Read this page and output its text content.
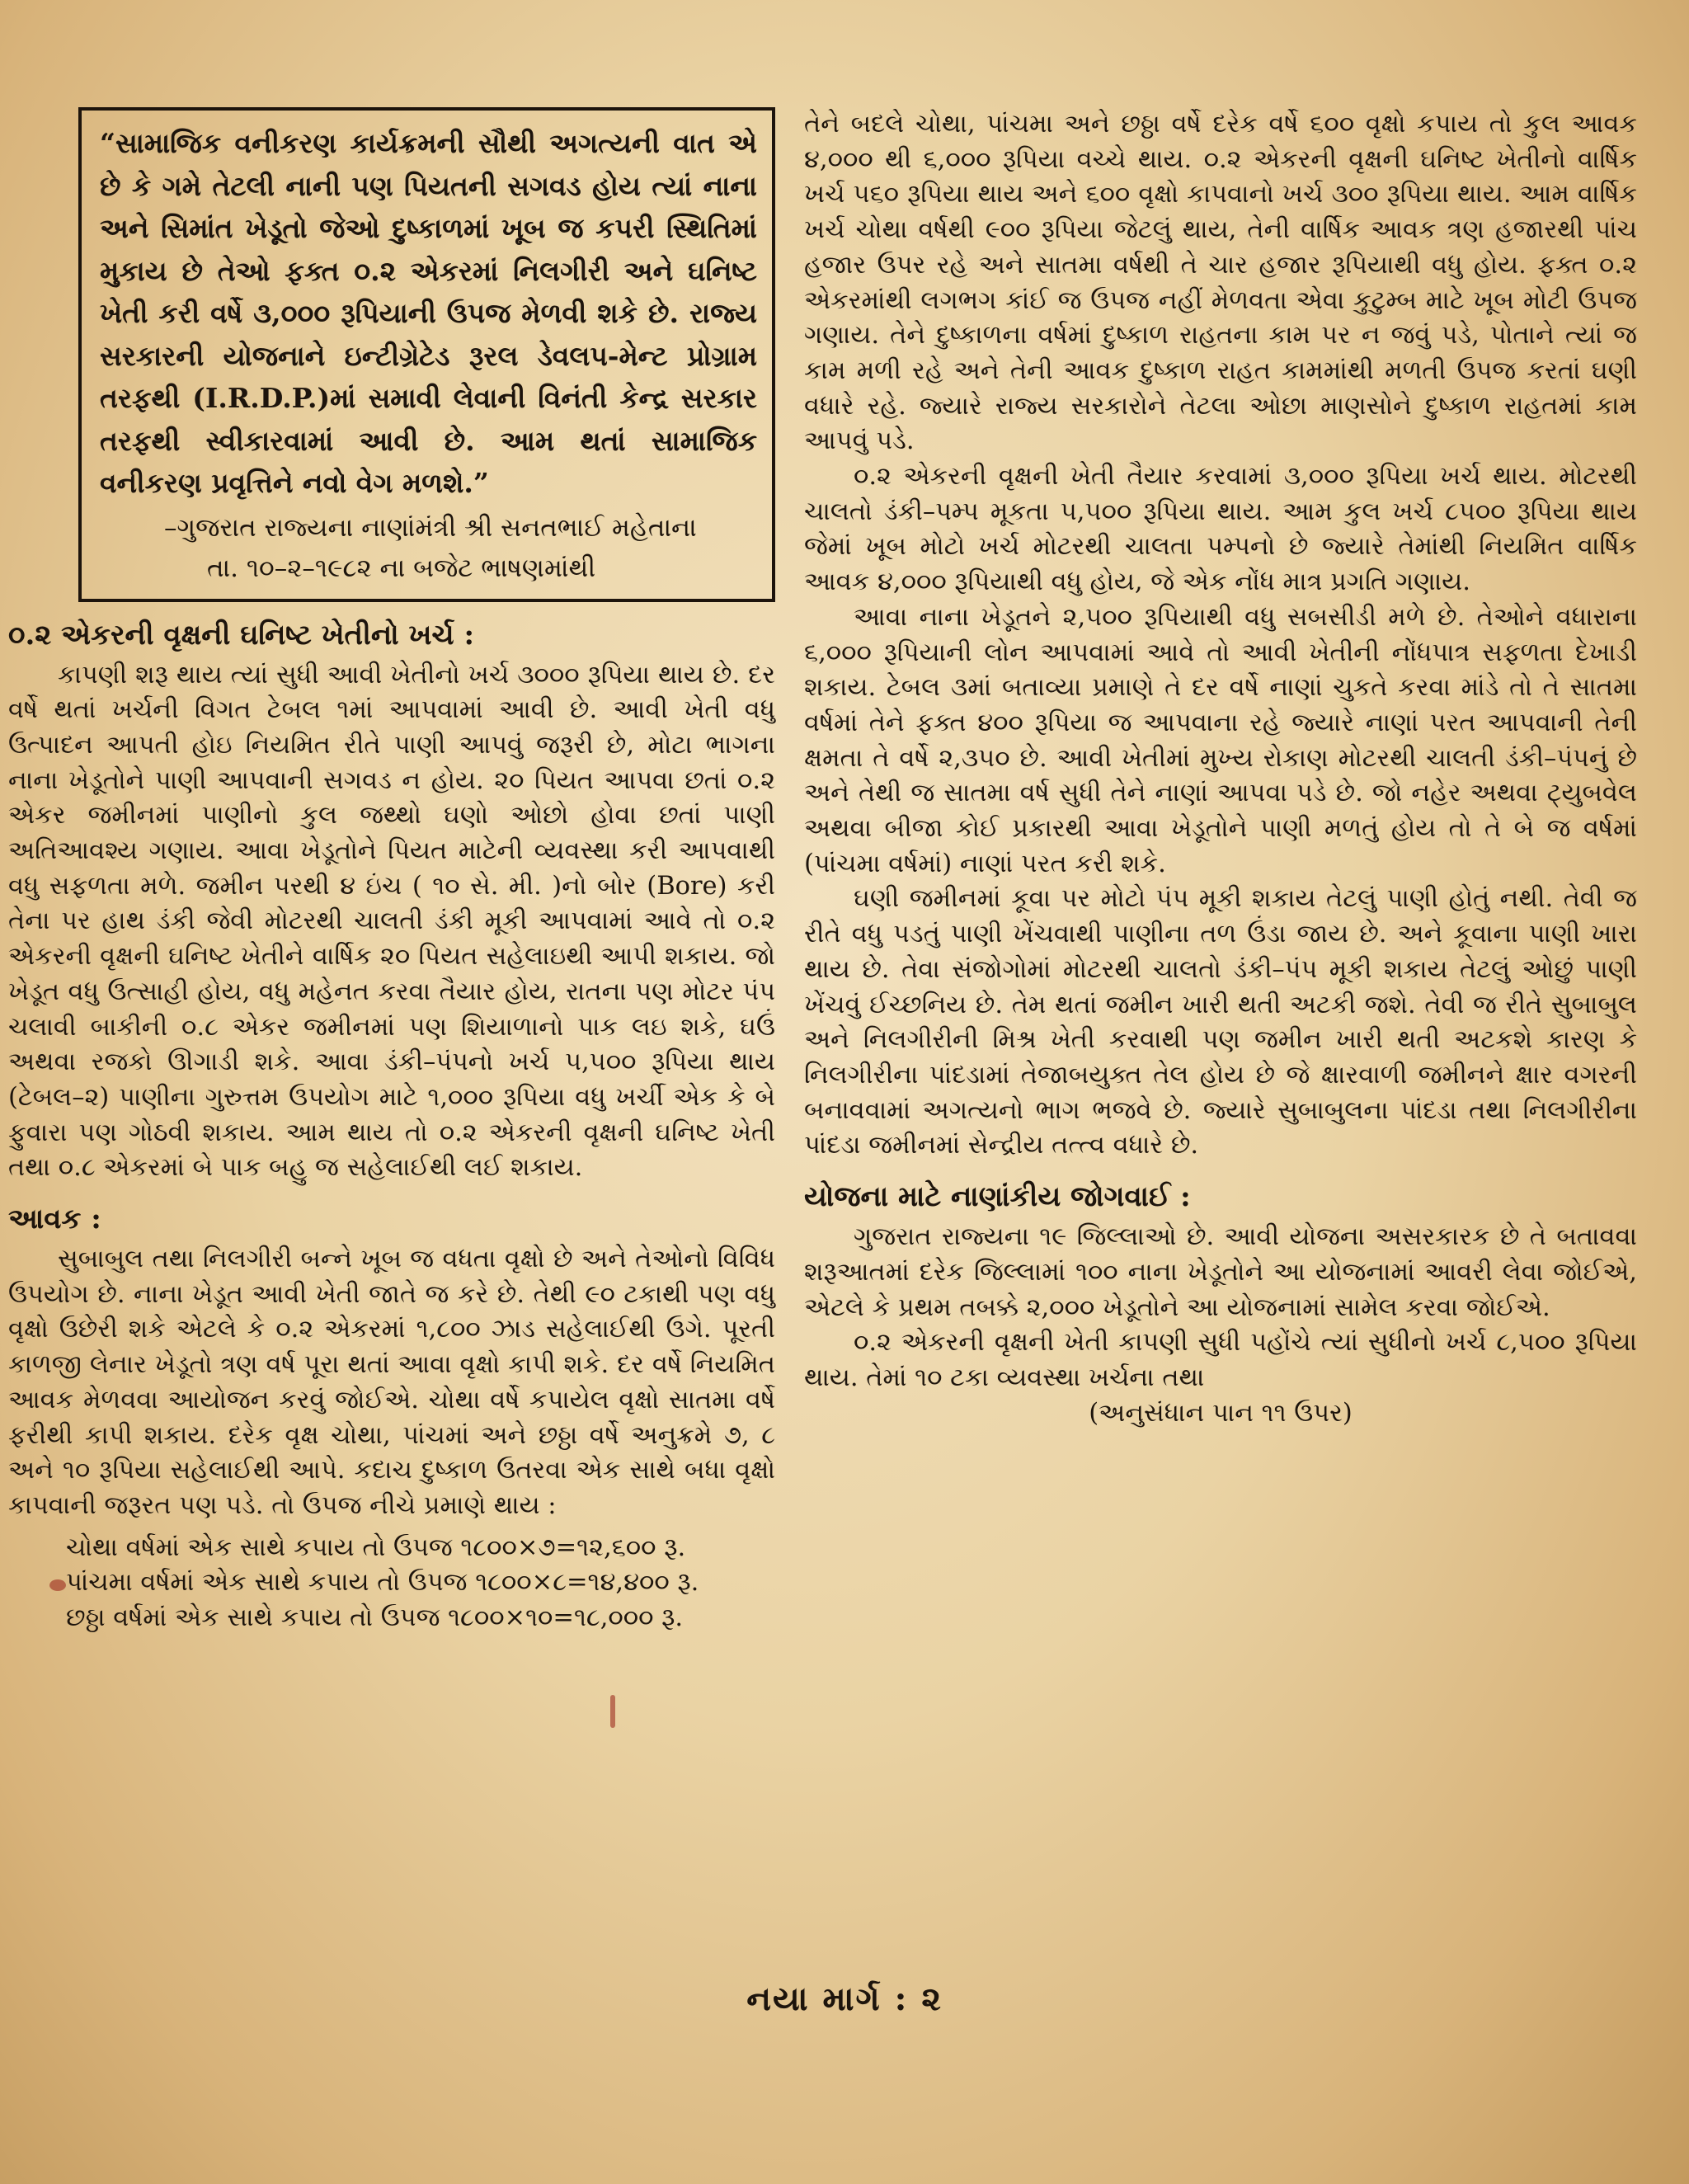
“સામાજિક વનીકરણ કાર્યક્રમની સૌથી અગત્યની વાત એ છે કે ગમે તેટલી નાની પણ પિયતની સગવડ હોય ત્યાં નાના અને સિમાંત ખેડૂતો જેઓ દુષ્કાળમાં ખૂબ જ કપરી સ્થિતિમાં મુકાય છે તેઓ ફક્ત ૦.૨ એકરમાં નિલગીરી અને ઘનિષ્ટ ખેતી કરી વર્ષે ૩,૦૦૦ રૂપિયાની ઉપજ મેળવી શકે છે. રાજ્ય સરકારની યોજનાને ઇન્ટીગ્રેટેડ રૂરલ ડેવલપ-મેન્ટ પ્રોગ્રામ તરફથી (I.R.D.P.)માં સમાવી લેવાની વિનંતી કેન્દ્ર સરકાર તરફથી સ્વીકારવામાં આવી છે. આમ થતાં સામાજિક વનીકરણ પ્રવૃત્તિને નવો વેગ મળશે.”

–ગુજરાત રાજ્યના નાણાંમંત્રી શ્રી સનતભાઈ મહેતાના

તા. ૧૦–૨–૧૯૮૨ ના બજેટ ભાષણમાંથી

૦.૨ એકરની વૃક્ષની ઘનિષ્ટ ખેતીનો ખર્ચ :

કાપણી શરૂ થાય ત્યાં સુધી આવી ખેતીનો ખર્ચ ૩૦૦૦ રૂપિયા થાય છે. દર વર્ષે થતાં ખર્ચની વિગત ટેબલ ૧માં આપવામાં આવી છે. આવી ખેતી વધુ ઉત્પાદન આપતી હોઇ નિયમિત રીતે પાણી આપવું જરૂરી છે, મોટા ભાગના નાના ખેડૂતોને પાણી આપવાની સગવડ ન હોય. ૨૦ પિયત આપવા છતાં ૦.૨ એકર જમીનમાં પાણીનો કુલ જથ્થો ઘણો ઓછો હોવા છતાં પાણી અતિઆવશ્ય ગણાય. આવા ખેડૂતોને પિયત માટેની વ્યવસ્થા કરી આપવાથી વધુ સફળતા મળે. જમીન પરથી ૪ ઇંચ ( ૧૦ સે. મી. )નો બોર (Bore) કરી તેના પર હાથ ડંકી જેવી મોટરથી ચાલતી ડંકી મૂકી આપવામાં આવે તો ૦.૨ એકરની વૃક્ષની ઘનિષ્ટ ખેતીને વાર્ષિક ૨૦ પિયત સહેલાઇથી આપી શકાય. જો ખેડૂત વધુ ઉત્સાહી હોય, વધુ મહેનત કરવા તૈયાર હોય, રાતના પણ મોટર પંપ ચલાવી બાકીની ૦.૮ એકર જમીનમાં પણ શિયાળાનો પાક લઇ શકે, ઘઉં અથવા રજકો ઊગાડી શકે. આવા ડંકી–પંપનો ખર્ચ ૫,૫૦૦ રૂપિયા થાય (ટેબલ–૨) પાણીના ગુરુત્તમ ઉપયોગ માટે ૧,૦૦૦ રૂપિયા વધુ ખર્ચી એક કે બે ફુવારા પણ ગોઠવી શકાય. આમ થાય તો ૦.૨ એકરની વૃક્ષની ઘનિષ્ટ ખેતી તથા ૦.૮ એકરમાં બે પાક બહુ જ સહેલાઈથી લઈ શકાય.

આવક :

સુબાબુલ તથા નિલગીરી બન્ને ખૂબ જ વધતા વૃક્ષો છે અને તેઓનો વિવિધ ઉપયોગ છે. નાના ખેડૂત આવી ખેતી જાતે જ કરે છે. તેથી ૯૦ ટકાથી પણ વધુ વૃક્ષો ઉછેરી શકે એટલે કે ૦.૨ એકરમાં ૧,૮૦૦ ઝાડ સહેલાઈથી ઉગે. પૂરતી કાળજી લેનાર ખેડૂતો ત્રણ વર્ષ પૂરા થતાં આવા વૃક્ષો કાપી શકે. દર વર્ષે નિયમિત આવક મેળવવા આયોજન કરવું જોઈએ. ચોથા વર્ષે કપાયેલ વૃક્ષો સાતમા વર્ષે ફરીથી કાપી શકાય. દરેક વૃક્ષ ચોથા, પાંચમાં અને છઠ્ઠા વર્ષે અનુક્રમે ૭, ૮ અને ૧૦ રૂપિયા સહેલાઈથી આપે. કદાચ દુષ્કાળ ઉતરવા એક સાથે બધા વૃક્ષો કાપવાની જરૂરત પણ પડે. તો ઉપજ નીચે પ્રમાણે થાય :

ચોથા વર્ષમાં એક સાથે કપાય તો ઉપજ ૧૮૦૦×૭=૧૨,૬૦૦ રૂ.
પાંચમા વર્ષમાં એક સાથે કપાય તો ઉપજ ૧૮૦૦×૮=૧૪,૪૦૦ રૂ.
છઠ્ઠા વર્ષમાં એક સાથે કપાય તો ઉપજ ૧૮૦૦×૧૦=૧૮,૦૦૦ રૂ.

તેને બદલે ચોથા, પાંચમા અને છઠ્ઠા વર્ષે દરેક વર્ષે ૬૦૦ વૃક્ષો કપાય તો કુલ આવક ૪,૦૦૦ થી ૬,૦૦૦ રૂપિયા વચ્ચે થાય. ૦.૨ એકરની વૃક્ષની ઘનિષ્ટ ખેતીનો વાર્ષિક ખર્ચ ૫૬૦ રૂપિયા થાય અને ૬૦૦ વૃક્ષો કાપવાનો ખર્ચ ૩૦૦ રૂપિયા થાય. આમ વાર્ષિક ખર્ચ ચોથા વર્ષથી ૯૦૦ રૂપિયા જેટલું થાય, તેની વાર્ષિક આવક ત્રણ હજારથી પાંચ હજાર ઉપર રહે અને સાતમા વર્ષથી તે ચાર હજાર રૂપિયાથી વધુ હોય. ફક્ત ૦.૨ એકરમાંથી લગભગ કાંઈ જ ઉપજ નહીં મેળવતા એવા કુટુમ્બ માટે ખૂબ મોટી ઉપજ ગણાય. તેને દુષ્કાળના વર્ષમાં દુષ્કાળ રાહતના કામ પર ન જવું પડે, પોતાને ત્યાં જ કામ મળી રહે અને તેની આવક દુષ્કાળ રાહત કામમાંથી મળતી ઉપજ કરતાં ઘણી વધારે રહે. જ્યારે રાજ્ય સરકારોને તેટલા ઓછા માણસોને દુષ્કાળ રાહતમાં કામ આપવું પડે.

૦.૨ એકરની વૃક્ષની ખેતી તૈયાર કરવામાં ૩,૦૦૦ રૂપિયા ખર્ચ થાય. મોટરથી ચાલતો ડંકી–પમ્પ મૂકતા ૫,૫૦૦ રૂપિયા થાય. આમ કુલ ખર્ચ ૮૫૦૦ રૂપિયા થાય જેમાં ખૂબ મોટો ખર્ચ મોટરથી ચાલતા પમ્પનો છે જ્યારે તેમાંથી નિયમિત વાર્ષિક આવક ૪,૦૦૦ રૂપિયાથી વધુ હોય, જે એક નોંધ માત્ર પ્રગતિ ગણાય.

આવા નાના ખેડૂતને ૨,૫૦૦ રૂપિયાથી વધુ સબસીડી મળે છે. તેઓને વધારાના ૬,૦૦૦ રૂપિયાની લોન આપવામાં આવે તો આવી ખેતીની નોંધપાત્ર સફળતા દેખાડી શકાય. ટેબલ ૩માં બતાવ્યા પ્રમાણે તે દર વર્ષે નાણાં ચુકતે કરવા માંડે તો તે સાતમા વર્ષમાં તેને ફક્ત ૪૦૦ રૂપિયા જ આપવાના રહે જ્યારે નાણાં પરત આપવાની તેની ક્ષમતા તે વર્ષે ૨,૩૫૦ છે. આવી ખેતીમાં મુખ્ય રોકાણ મોટરથી ચાલતી ડંકી–પંપનું છે અને તેથી જ સાતમા વર્ષ સુધી તેને નાણાં આપવા પડે છે. જો નહેર અથવા ટ્યુબવેલ અથવા બીજા કોઈ પ્રકારથી આવા ખેડૂતોને પાણી મળતું હોય તો તે બે જ વર્ષમાં (પાંચમા વર્ષમાં) નાણાં પરત કરી શકે.

ઘણી જમીનમાં કૂવા પર મોટો પંપ મૂકી શકાય તેટલું પાણી હોતું નથી. તેવી જ રીતે વધુ પડતું પાણી ખેંચવાથી પાણીના તળ ઉંડા જાય છે. અને કૂવાના પાણી ખારા થાય છે. તેવા સંજોગોમાં મોટરથી ચાલતો ડંકી–પંપ મૂકી શકાય તેટલું ઓછું પાણી ખેંચવું ઈચ્છનિય છે. તેમ થતાં જમીન ખારી થતી અટકી જશે. તેવી જ રીતે સુબાબુલ અને નિલગીરીની મિશ્ર ખેતી કરવાથી પણ જમીન ખારી થતી અટકશે કારણ કે નિલગીરીના પાંદડામાં તેજાબયુક્ત તેલ હોય છે જે ક્ષારવાળી જમીનને ક્ષાર વગરની બનાવવામાં અગત્યનો ભાગ ભજવે છે. જ્યારે સુબાબુલના પાંદડા તથા નિલગીરીના પાંદડા જમીનમાં સેન્દ્રીય તત્ત્વ વધારે છે.

યોજના માટે નાણાંકીય જોગવાઈ :

ગુજરાત રાજ્યના ૧૯ જિલ્લાઓ છે. આવી યોજના અસરકારક છે તે બતાવવા શરૂઆતમાં દરેક જિલ્લામાં ૧૦૦ નાના ખેડૂતોને આ યોજનામાં આવરી લેવા જોઈએ, એટલે કે પ્રથમ તબક્કે ૨,૦૦૦ ખેડૂતોને આ યોજનામાં સામેલ કરવા જોઈએ.

૦.૨ એકરની વૃક્ષની ખેતી કાપણી સુધી પહોંચે ત્યાં સુધીનો ખર્ચ ૮,૫૦૦ રૂપિયા થાય. તેમાં ૧૦ ટકા વ્યવસ્થા ખર્ચના તથા

(અનુસંધાન પાન ૧૧ ઉપર)
નયા માર્ગ : ૨
